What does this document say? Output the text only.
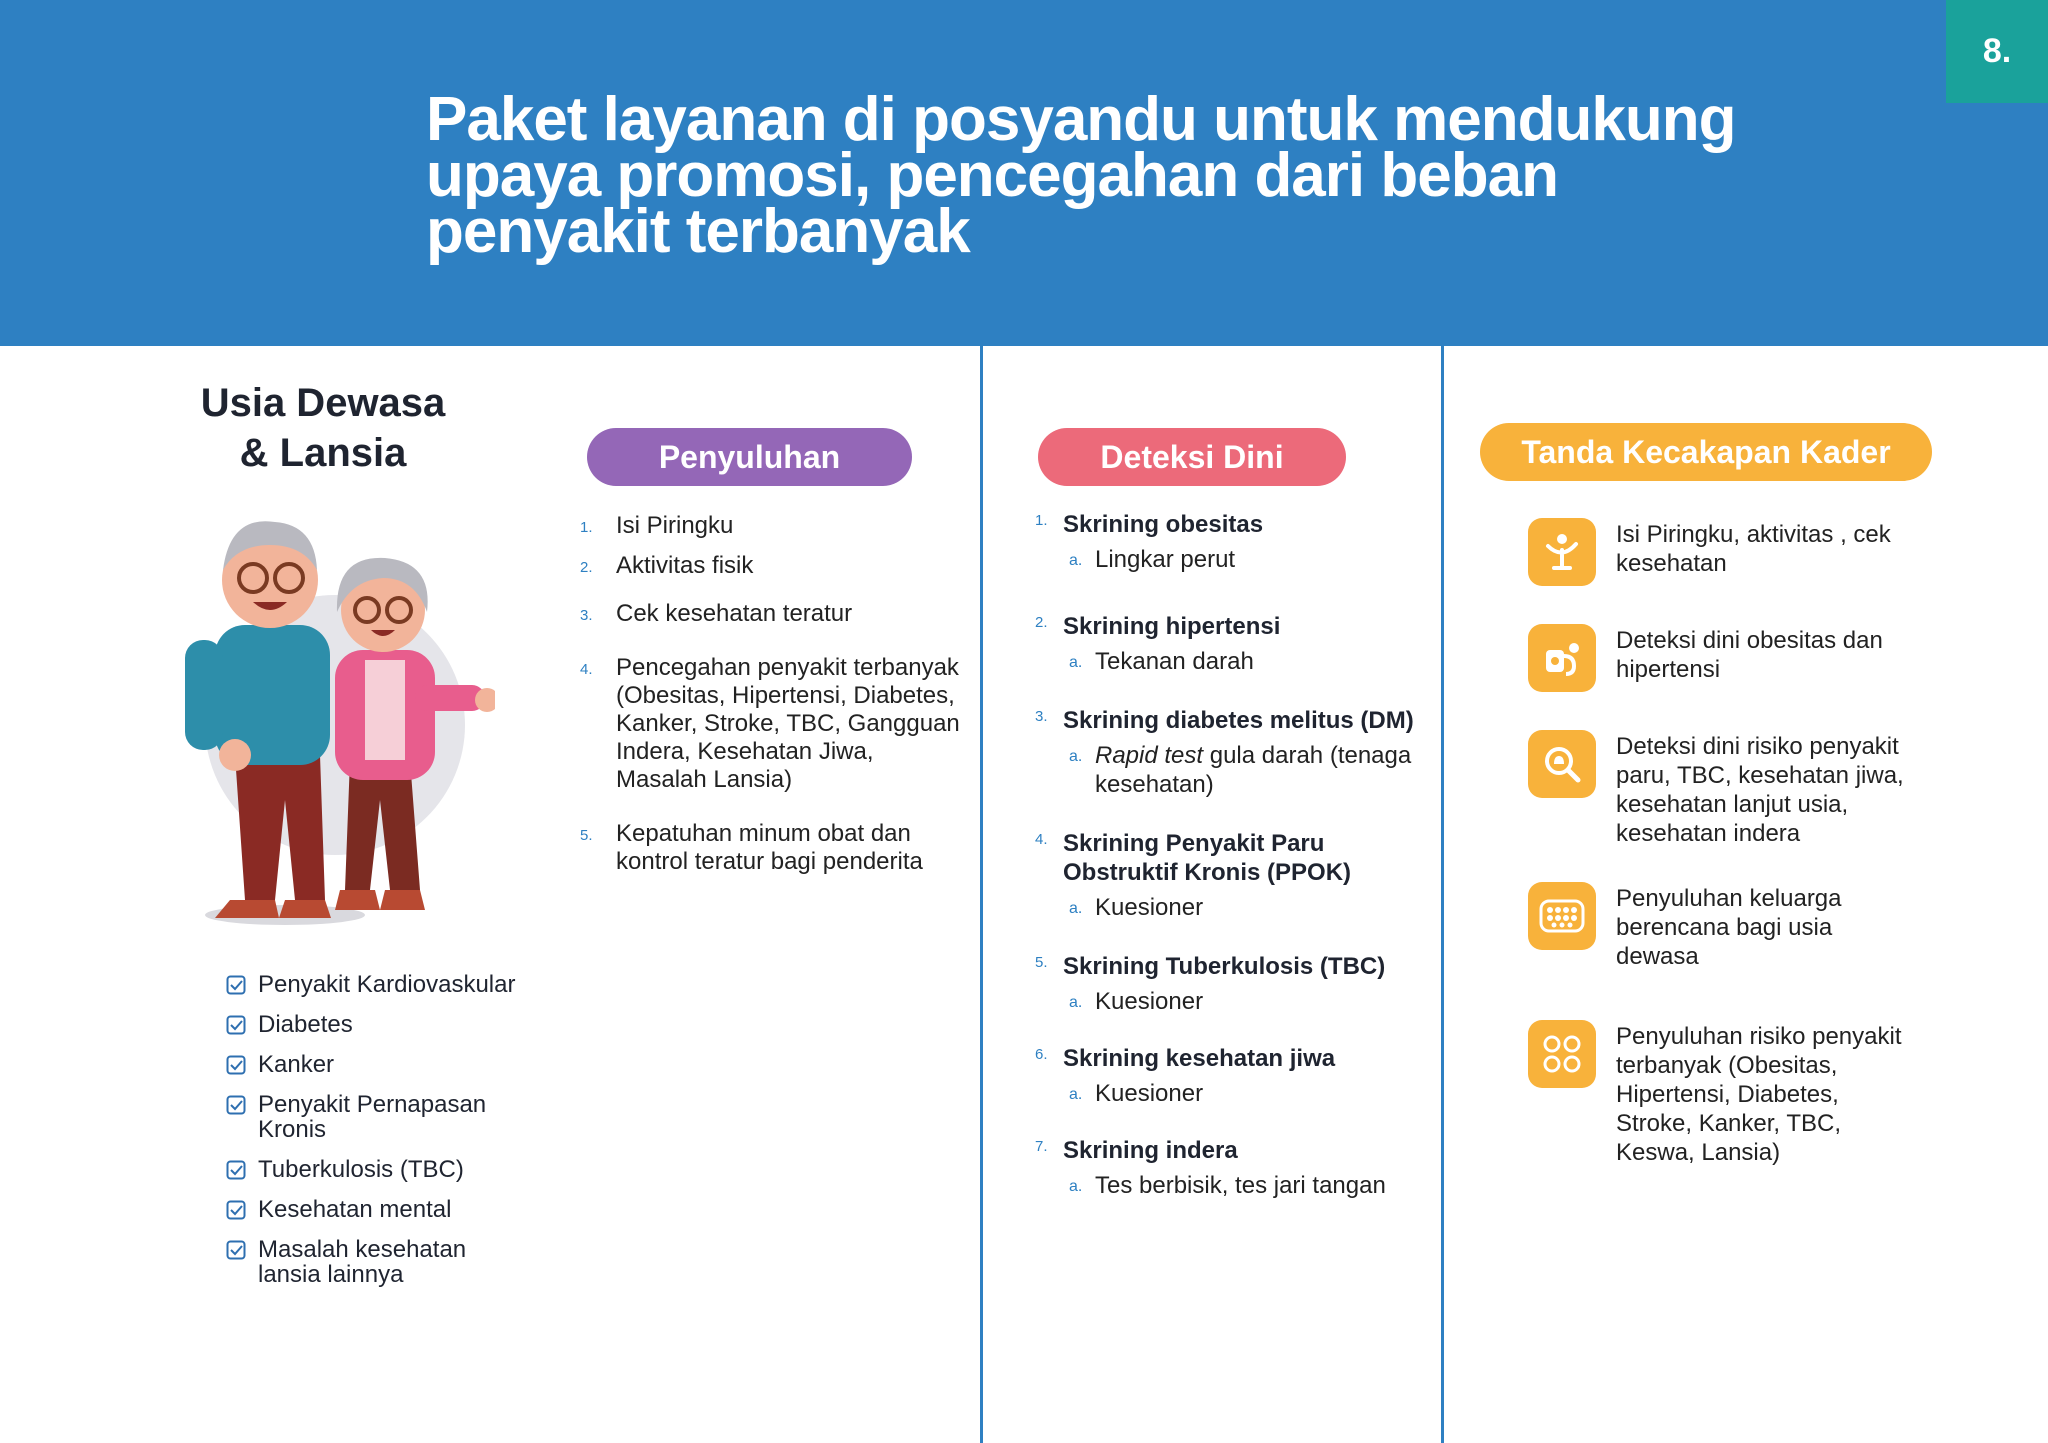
8.
Paket layanan di posyandu untuk mendukung
upaya promosi, pencegahan dari beban
penyakit terbanyak
Usia Dewasa
& Lansia
Penyakit Kardiovaskular
Diabetes
Kanker
Penyakit Pernapasan Kronis
Tuberkulosis (TBC)
Kesehatan mental
Masalah kesehatan lansia lainnya
Penyuluhan	Deteksi Dini	Tanda Kecakapan Kader
1. Isi Piringku
2. Aktivitas fisik
3. Cek kesehatan teratur
4. Pencegahan penyakit terbanyak (Obesitas, Hipertensi, Diabetes, Kanker, Stroke, TBC, Gangguan Indera, Kesehatan Jiwa, Masalah Lansia)
5. Kepatuhan minum obat dan kontrol teratur bagi penderita
1. Skrining obesitas
a. Lingkar perut
2. Skrining hipertensi
a. Tekanan darah
3. Skrining diabetes melitus (DM)
a. Rapid test gula darah (tenaga kesehatan)
4. Skrining Penyakit Paru Obstruktif Kronis (PPOK)
a. Kuesioner
5. Skrining Tuberkulosis (TBC)
a. Kuesioner
6. Skrining kesehatan jiwa
a. Kuesioner
7. Skrining indera
a. Tes berbisik, tes jari tangan
Isi Piringku, aktivitas , cek kesehatan
Deteksi dini obesitas dan hipertensi
Deteksi dini risiko penyakit paru, TBC, kesehatan jiwa, kesehatan lanjut usia, kesehatan indera
Penyuluhan keluarga berencana bagi usia dewasa
Penyuluhan risiko penyakit terbanyak (Obesitas, Hipertensi, Diabetes, Stroke, Kanker, TBC, Keswa, Lansia)
